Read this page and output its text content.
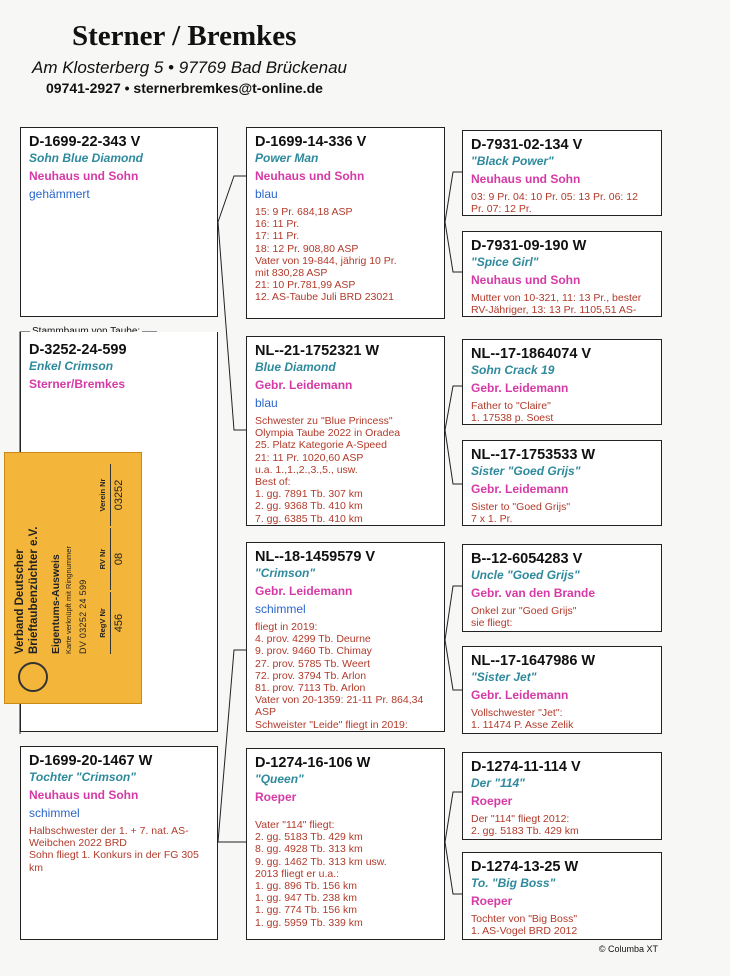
Sterner / Bremkes
Am Klosterberg 5 • 97769 Bad Brückenau
09741-2927 • sternerbremkes@t-online.de
D-1699-22-343 V
Sohn Blue Diamond
Neuhaus und Sohn
gehämmert
D-3252-24-599
Enkel Crimson
Sterner/Bremkes
D-1699-20-1467 W
Tochter "Crimson"
Neuhaus und Sohn
schimmel
Halbschwester der 1. + 7. nat. AS-
Weibchen 2022 BRD
Sohn fliegt 1. Konkurs in der FG 305
km
D-1699-14-336 V
Power Man
Neuhaus und Sohn
blau
15: 9 Pr. 684,18 ASP
16: 11 Pr.
17: 11 Pr.
18: 12 Pr. 908,80 ASP
Vater von 19-844, jährig 10 Pr.
mit 830,28 ASP
21: 10 Pr.781,99 ASP
12. AS-Taube Juli BRD 23021
NL--21-1752321 W
Blue Diamond
Gebr. Leidemann
blau
Schwester zu "Blue Princess"
Olympia Taube 2022 in Oradea
25. Platz Kategorie A-Speed
21: 11 Pr. 1020,60 ASP
u.a. 1.,1.,2.,3.,5., usw.
Best of:
1. gg. 7891 Tb. 307 km
2. gg. 9368 Tb. 410 km
7. gg. 6385 Tb. 410 km
NL--18-1459579 V
"Crimson"
Gebr. Leidemann
schimmel
fliegt in 2019:
4. prov. 4299 Tb. Deurne
9. prov. 9460 Tb. Chimay
27. prov. 5785 Tb. Weert
72. prov. 3794 Tb. Arlon
81. prov. 7113 Tb. Arlon
Vater von 20-1359: 21-11 Pr. 864,34
ASP
Schweister "Leide" fliegt in 2019:
D-1274-16-106 W
"Queen"
Roeper
Vater "114" fliegt:
2. gg. 5183 Tb. 429 km
8. gg. 4928 Tb. 313 km
9. gg. 1462 Tb. 313 km usw.
2013 fliegt er u.a.:
1. gg. 896 Tb. 156 km
1. gg. 947 Tb. 238 km
1. gg. 774 Tb. 156 km
1. gg. 5959 Tb. 339 km
D-7931-02-134 V
"Black Power"
Neuhaus und Sohn
03: 9 Pr. 04: 10 Pr. 05: 13 Pr. 06: 12
Pr. 07: 12 Pr.
D-7931-09-190 W
"Spice Girl"
Neuhaus und Sohn
Mutter von 10-321, 11: 13 Pr., bester
RV-Jähriger, 13: 13 Pr. 1105,51 AS-
NL--17-1864074 V
Sohn Crack 19
Gebr. Leidemann
Father to "Claire"
1. 17538 p. Soest
NL--17-1753533 W
Sister "Goed Grijs"
Gebr. Leidemann
Sister to "Goed Grijs"
7 x 1. Pr.
B--12-6054283 V
Uncle "Goed Grijs"
Gebr. van den Brande
Onkel zur "Goed Grijs"
sie fliegt:
NL--17-1647986 W
"Sister Jet"
Gebr. Leidemann
Vollschwester "Jet":
1. 11474 P. Asse Zelik
D-1274-11-114 V
Der "114"
Roeper
Der "114" fliegt 2012:
2. gg. 5183 Tb. 429 km
D-1274-13-25 W
To. "Big Boss"
Roeper
Tochter von "Big Boss"
1. AS-Vogel BRD 2012
Verband Deutscher Brieftaubenzüchter e.V. Eigentums-Ausweis Karte verknüpft mit Ringnummer DV 03252 24 599 RegV Nr 456
RV Nr 08
Verein Nr 03252
© Columba XT
